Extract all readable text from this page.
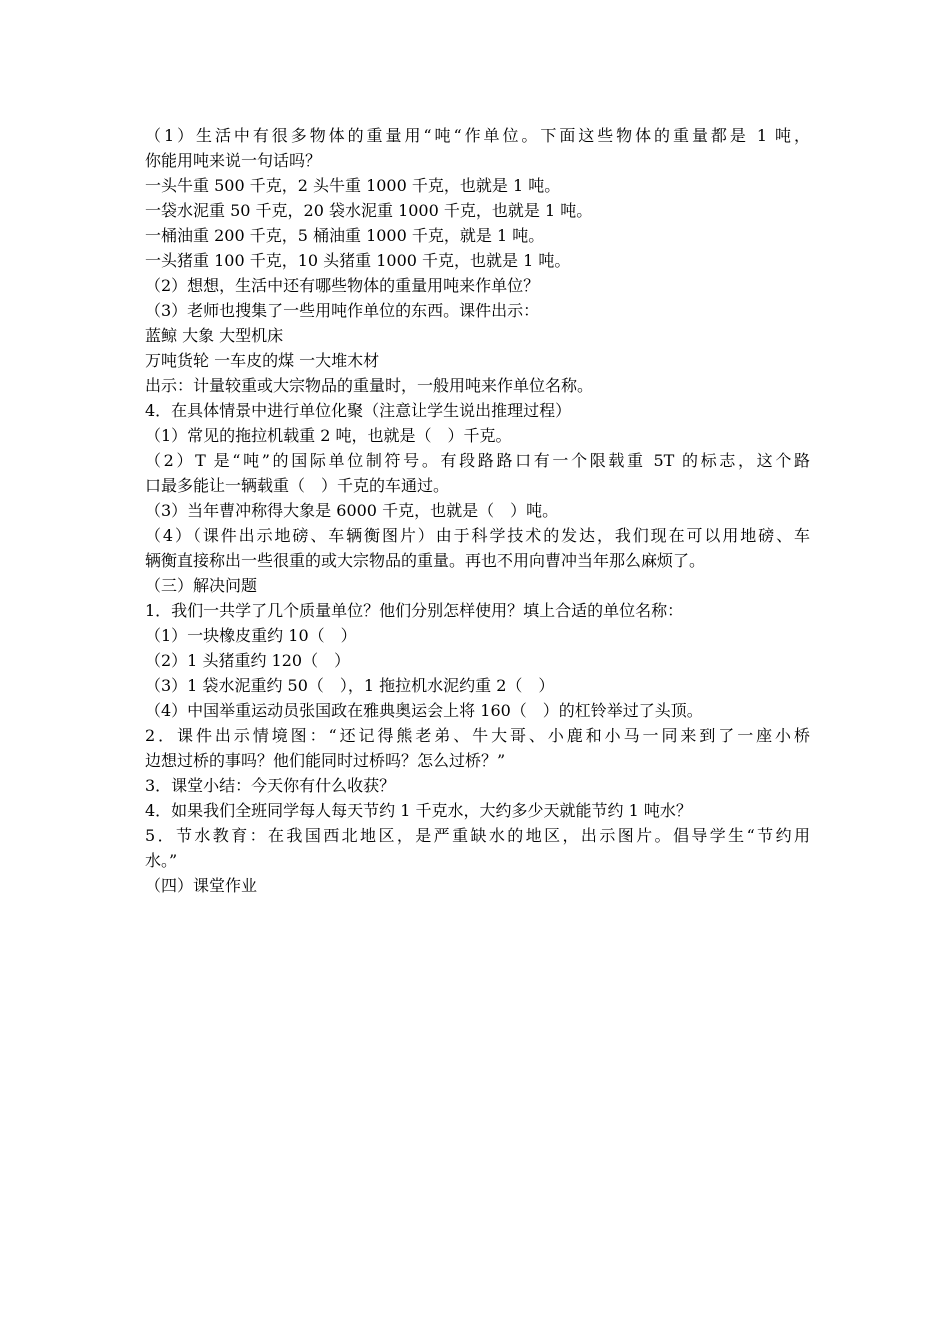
（1）生活中有很多物体的重量用“吨“作单位。下面这些物体的重量都是 1 吨，
你能用吨来说一句话吗？
一头牛重 500 千克，2 头牛重 1000 千克，也就是 1 吨。
一袋水泥重 50 千克，20 袋水泥重 1000 千克，也就是 1 吨。
一桶油重 200 千克，5 桶油重 1000 千克，就是 1 吨。
一头猪重 100 千克，10 头猪重 1000 千克，也就是 1 吨。
（2）想想，生活中还有哪些物体的重量用吨来作单位？
（3）老师也搜集了一些用吨作单位的东西。课件出示：
蓝鲸 大象 大型机床
万吨货轮 一车皮的煤 一大堆木材
出示：计量较重或大宗物品的重量时，一般用吨来作单位名称。
4．在具体情景中进行单位化聚（注意让学生说出推理过程）
（1）常见的拖拉机载重 2 吨，也就是（　）千克。
（2）T 是“吨”的国际单位制符号。有段路路口有一个限载重 5T 的标志，这个路
口最多能让一辆载重（　）千克的车通过。
（3）当年曹冲称得大象是 6000 千克，也就是（　）吨。
（4）（课件出示地磅、车辆衡图片）由于科学技术的发达，我们现在可以用地磅、车
辆衡直接称出一些很重的或大宗物品的重量。再也不用向曹冲当年那么麻烦了。
（三）解决问题
1．我们一共学了几个质量单位？他们分别怎样使用？填上合适的单位名称：
（1）一块橡皮重约 10（　）
（2）1 头猪重约 120（　）
（3）1 袋水泥重约 50（　），1 拖拉机水泥约重 2（　）
（4）中国举重运动员张国政在雅典奥运会上将 160（　）的杠铃举过了头顶。
2．课件出示情境图：“还记得熊老弟、牛大哥、小鹿和小马一同来到了一座小桥
边想过桥的事吗？他们能同时过桥吗？怎么过桥？”
3．课堂小结：今天你有什么收获？
4．如果我们全班同学每人每天节约 1 千克水，大约多少天就能节约 1 吨水？
5．节水教育：在我国西北地区，是严重缺水的地区，出示图片。倡导学生“节约用
水。”
（四）课堂作业
